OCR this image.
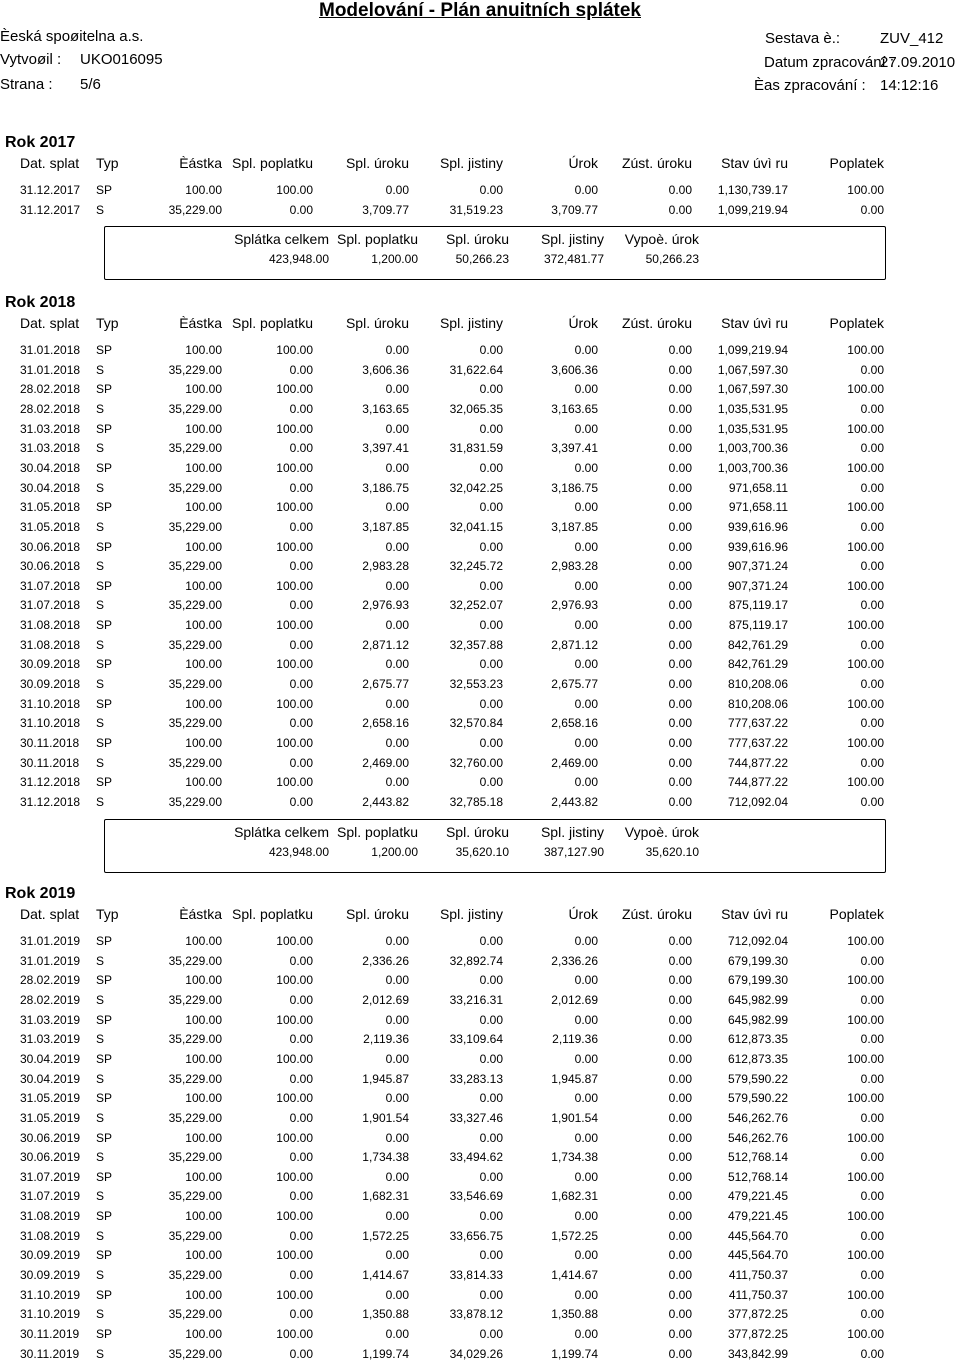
Modelování - Plán anuitních splátek
Èeská spoøitelna a.s.
Vytvoøil : UKO016095
Strana : 5/6
Sestava è.:	ZUV_412
Datum zpracování :
27.09.2010
Èas zpracování : 14:12:16
Rok 2017
Dat. splat Typ	Èástka Spl. poplatku Spl. úroku Spl. jistiny	Úrok Zúst. úroku Stav úvì ru	Poplatek
31.12.2017 SP	100.00	100.00	0.00	0.00	0.00	0.00 1,130,739.17	100.00
31.12.2017 S	35,229.00	0.00	3,709.77	31,519.23	3,709.77	0.00 1,099,219.94	0.00
Splátka celkem
423,948.00
Spl. poplatku
1,200.00
Spl. úroku
50,266.23
Spl. jistiny
372,481.77
Vypoè. úrok
50,266.23
Rok 2018
Dat. splat Typ	Èástka Spl. poplatku Spl. úroku Spl. jistiny	Úrok Zúst. úroku Stav úvì ru	Poplatek
31.01.2018 SP	100.00	100.00	0.00	0.00	0.00	0.00 1,099,219.94	100.00
31.01.2018 S	35,229.00	0.00	3,606.36	31,622.64	3,606.36	0.00 1,067,597.30	0.00
28.02.2018 SP	100.00	100.00	0.00	0.00	0.00	0.00 1,067,597.30	100.00
28.02.2018 S	35,229.00	0.00	3,163.65	32,065.35	3,163.65	0.00 1,035,531.95	0.00
31.03.2018 SP	100.00	100.00	0.00	0.00	0.00	0.00 1,035,531.95	100.00
31.03.2018 S	35,229.00	0.00	3,397.41	31,831.59	3,397.41	0.00 1,003,700.36	0.00
30.04.2018 SP	100.00	100.00	0.00	0.00	0.00	0.00 1,003,700.36	100.00
30.04.2018 S	35,229.00	0.00	3,186.75	32,042.25	3,186.75	0.00	971,658.11	0.00
31.05.2018 SP	100.00	100.00	0.00	0.00	0.00	0.00	971,658.11	100.00
31.05.2018 S	35,229.00	0.00	3,187.85	32,041.15	3,187.85	0.00	939,616.96	0.00
30.06.2018 SP	100.00	100.00	0.00	0.00	0.00	0.00	939,616.96	100.00
30.06.2018 S	35,229.00	0.00	2,983.28	32,245.72	2,983.28	0.00	907,371.24	0.00
31.07.2018 SP	100.00	100.00	0.00	0.00	0.00	0.00	907,371.24	100.00
31.07.2018 S	35,229.00	0.00	2,976.93	32,252.07	2,976.93	0.00	875,119.17	0.00
31.08.2018 SP	100.00	100.00	0.00	0.00	0.00	0.00	875,119.17	100.00
31.08.2018 S	35,229.00	0.00	2,871.12	32,357.88	2,871.12	0.00	842,761.29	0.00
30.09.2018 SP	100.00	100.00	0.00	0.00	0.00	0.00	842,761.29	100.00
30.09.2018 S	35,229.00	0.00	2,675.77	32,553.23	2,675.77	0.00	810,208.06	0.00
31.10.2018 SP	100.00	100.00	0.00	0.00	0.00	0.00	810,208.06	100.00
31.10.2018 S	35,229.00	0.00	2,658.16	32,570.84	2,658.16	0.00	777,637.22	0.00
30.11.2018 SP	100.00	100.00	0.00	0.00	0.00	0.00	777,637.22	100.00
30.11.2018 S	35,229.00	0.00	2,469.00	32,760.00	2,469.00	0.00	744,877.22	0.00
31.12.2018 SP	100.00	100.00	0.00	0.00	0.00	0.00	744,877.22	100.00
31.12.2018 S	35,229.00	0.00	2,443.82	32,785.18	2,443.82	0.00	712,092.04	0.00
Splátka celkem
423,948.00
Spl. poplatku
1,200.00
Spl. úroku
35,620.10
Spl. jistiny
387,127.90
Vypoè. úrok
35,620.10
Rok 2019
Dat. splat Typ	Èástka Spl. poplatku Spl. úroku Spl. jistiny	Úrok Zúst. úroku Stav úvì ru	Poplatek
31.01.2019 SP	100.00	100.00	0.00	0.00	0.00	0.00	712,092.04	100.00
31.01.2019 S	35,229.00	0.00	2,336.26	32,892.74	2,336.26	0.00	679,199.30	0.00
28.02.2019 SP	100.00	100.00	0.00	0.00	0.00	0.00	679,199.30	100.00
28.02.2019 S	35,229.00	0.00	2,012.69	33,216.31	2,012.69	0.00	645,982.99	0.00
31.03.2019 SP	100.00	100.00	0.00	0.00	0.00	0.00	645,982.99	100.00
31.03.2019 S	35,229.00	0.00	2,119.36	33,109.64	2,119.36	0.00	612,873.35	0.00
30.04.2019 SP	100.00	100.00	0.00	0.00	0.00	0.00	612,873.35	100.00
30.04.2019 S	35,229.00	0.00	1,945.87	33,283.13	1,945.87	0.00	579,590.22	0.00
31.05.2019 SP	100.00	100.00	0.00	0.00	0.00	0.00	579,590.22	100.00
31.05.2019 S	35,229.00	0.00	1,901.54	33,327.46	1,901.54	0.00	546,262.76	0.00
30.06.2019 SP	100.00	100.00	0.00	0.00	0.00	0.00	546,262.76	100.00
30.06.2019 S	35,229.00	0.00	1,734.38	33,494.62	1,734.38	0.00	512,768.14	0.00
31.07.2019 SP	100.00	100.00	0.00	0.00	0.00	0.00	512,768.14	100.00
31.07.2019 S	35,229.00	0.00	1,682.31	33,546.69	1,682.31	0.00	479,221.45	0.00
31.08.2019 SP	100.00	100.00	0.00	0.00	0.00	0.00	479,221.45	100.00
31.08.2019 S	35,229.00	0.00	1,572.25	33,656.75	1,572.25	0.00	445,564.70	0.00
30.09.2019 SP	100.00	100.00	0.00	0.00	0.00	0.00	445,564.70	100.00
30.09.2019 S	35,229.00	0.00	1,414.67	33,814.33	1,414.67	0.00	411,750.37	0.00
31.10.2019 SP	100.00	100.00	0.00	0.00	0.00	0.00	411,750.37	100.00
31.10.2019 S	35,229.00	0.00	1,350.88	33,878.12	1,350.88	0.00	377,872.25	0.00
30.11.2019 SP	100.00	100.00	0.00	0.00	0.00	0.00	377,872.25	100.00
30.11.2019 S	35,229.00	0.00	1,199.74	34,029.26	1,199.74	0.00	343,842.99	0.00
